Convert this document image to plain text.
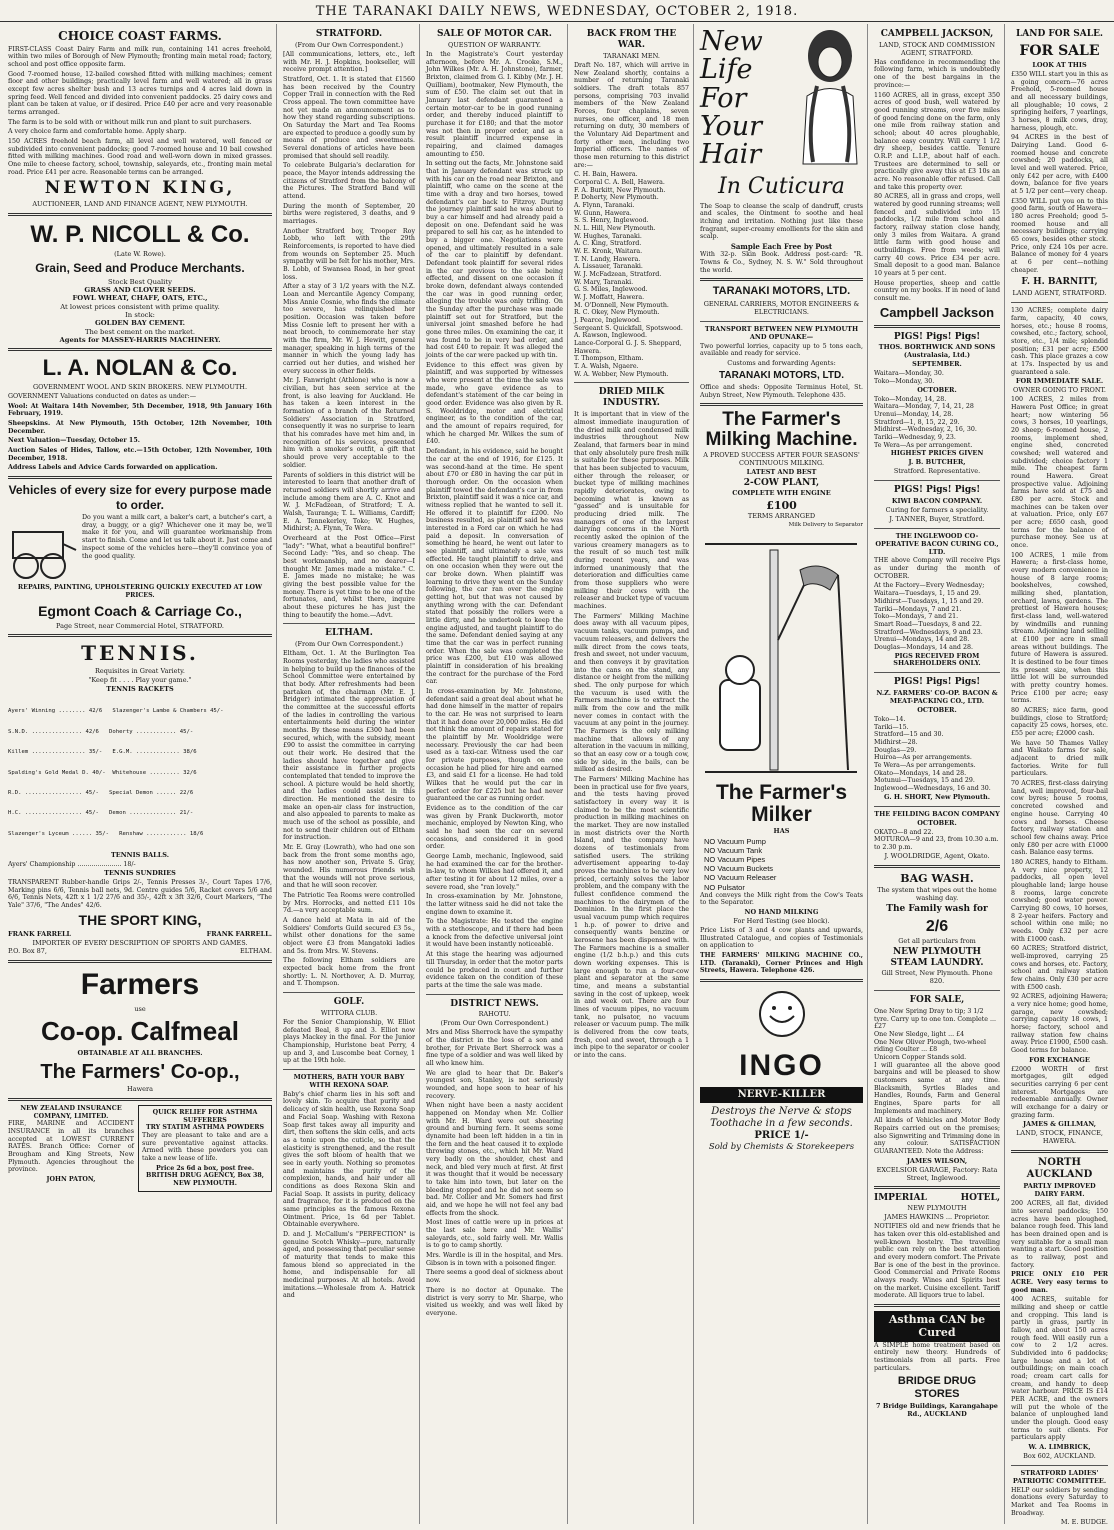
THE TARANAKI DAILY NEWS, WEDNESDAY, OCTOBER 2, 1918.
CHOICE COAST FARMS.

FIRST-CLASS Coast Dairy Farm and milk run, containing 141 acres freehold, within two miles of Borough of New Plymouth; fronting main metal road; factory, school and post office opposite farm.

Good 7-roomed house, 12-bailed cowshed fitted with milking machines; cement floor and other buildings; practically level farm and well watered; all in grass except few acres shelter bush and 13 acres turnips and 4 acres laid down in spring feed. Well fenced and divided into convenient paddocks. 25 dairy cows and plant can be taken at value, or if desired. Price £40 per acre and very reasonable terms arranged.

The farm is to be sold with or without milk run and plant to suit purchasers.

A very choice farm and comfortable home. Apply sharp.

150 ACRES freehold beach farm, all level and well watered, well fenced or subdivided into convenient paddocks; good 7-roomed house and 10 bail cowshed fitted with milking machines. Good road and well-worn down in mixed grasses. One mile to cheese factory, school, township, saleyards, etc., fronting main metal road. Price £41 per acre. Reasonable terms can be arranged.

NEWTON KING,
AUCTIONEER, LAND AND FINANCE AGENT, NEW PLYMOUTH.
W. P. NICOLL & Co.
(Late W. Rowe).
Grain, Seed and Produce Merchants.
Stock Best Quality
GRASS AND CLOVER SEEDS.
FOWL WHEAT, CHAFF, OATS, ETC.,
At lowest prices consistent with prime quality.
In stock:
GOLDEN BAY CEMENT.
The best cement on the market.
Agents for MASSEY-HARRIS MACHINERY.
L. A. NOLAN & Co.
GOVERNMENT WOOL AND SKIN BROKERS. NEW PLYMOUTH.

GOVERNMENT Valuations conducted on dates as under:—

Wool: At Waitara 14th November, 5th December, 1918, 9th January 16th February, 1919.

Sheepskins. At New Plymouth, 15th October, 12th November, 10th December.

Next Valuation—Tuesday, October 15.

Auction Sales of Hides, Tallow, etc.—15th October, 12th November, 10th December, 1918.

Address Labels and Advice Cards forwarded on application.

Vehicles of every size for every purpose made to order.

Do you want a milk cart, a baker's cart, a butcher's cart, a dray, a buggy, or a gig? Whichever one it may be, we'll make it for you, and will guarantee workmanship from start to finish. Come and let us talk about it. Just come and inspect some of the vehicles here—they'll convince you of the good quality.

REPAIRS, PAINTING, UPHOLSTERING QUICKLY EXECUTED AT LOW PRICES.
Egmont Coach & Carriage Co.,
Page Street, near Commercial Hotel, STRATFORD.
TENNIS.
Requisites in Great Variety.
"Keep fit . . . . Play your game."
TENNIS RACKETS

Ayers' Winning ........ 42/6   Slazenger's Lambe & Chambers 45/-

S.N.D. ............... 42/6   Doherty ............ 45/-

Killem ................ 35/-   E.G.M. ............. 38/6

Spalding's Gold Medal D. 40/-  Whitehouse ......... 32/6

R.D. ................. 45/-   Special Demon ...... 22/6

H.C. ................. 45/-   Demon .............. 21/-

Slazenger's Lyceum ...... 35/-   Renshaw ............ 18/6

TENNIS BALLS.
Ayers' Championship ...................... 18/-
TENNIS SUNDRIES

TRANSPARENT Rubber-handle Grips 2/-, Tennis Presses 3/-, Court Tapes 17/6, Marking pins 6/6, Tennis ball nets, 9d. Centre guides 5/6, Racket covers 5/6 and 6/6, Tennis Nets, 42ft x 1 1/2 27/6 and 35/-, 42ft x 3ft 32/6, Court Markers, "The Yale" 37/6, "The Andes" 42/6.

THE SPORT KING,
FRANK FARRELL	FRANK FARRELL.
IMPORTER OF EVERY DESCRIPTION OF SPORTS AND GAMES.
P.O. Box 87,	ELTHAM.
Farmers
use
Co-op. Calfmeal
OBTAINABLE AT ALL BRANCHES.
The Farmers' Co-op.,
Hawera
NEW ZEALAND INSURANCE COMPANY, LIMITED.

FIRE, MARINE and ACCIDENT INSURANCE in all its branches accepted at LOWEST CURRENT RATES. Branch Office: Corner of Brougham and King Streets, New Plymouth. Agencies throughout the province.

JOHN PATON,
QUICK RELIEF FOR ASTHMA SUFFERERS
TRY STATIM ASTHMA POWDERS

They are pleasant to take and are a sure preventative against attacks. Armed with these powders you can take a new lease of life.

Price 2s 6d a box, post free.
BRITISH DRUG AGENCY, Box 38, NEW PLYMOUTH.
STRATFORD.
(From Our Own Correspondent.)

[All communications, letters, etc., left with Mr. H. J. Hopkins, bookseller, will receive prompt attention.]

Stratford, Oct. 1. It is stated that £1560 has been received by the Country Copper Trail in connection with the Red Cross appeal. The town committee have not yet made an announcement as to how they stand regarding subscriptions. On Saturday the Mart and Tea Rooms are expected to produce a goodly sum by means of produce and sweetmeats. Several donations of articles have been promised that should sell readily.

To celebrate Bulgaria's declaration for peace, the Mayor intends addressing the citizens of Stratford from the balcony of the Pictures. The Stratford Band will attend.

During the month of September, 20 births were registered, 3 deaths, and 9 marriages.

Another Stratford boy, Trooper Roy Lobb, who left with the 29th Reinforcements, is reported to have died from wounds on September 25. Much sympathy will be felt for his mother, Mrs. B. Lobb, of Swansea Road, in her great loss.

After a stay of 3 1/2 years with the N.Z. Loan and Mercantile Agency Company, Miss Annie Cosnie, who finds the climate too severe, has relinquished her position. Occasion was taken before Miss Cosnie left to present her with a neat brooch, to commemorate her stay with the firm, Mr. W. J. Hewitt, general manager, speaking in high terms of the manner in which the young lady has carried out her duties, and wished her every success in other fields.

Mr. J. Fanwright (Athlone) who is now a civilian, but has seen service at the front, is also leaving for Auckland. He has taken a keen interest in the formation of a branch of the Returned Soldiers' Association in Stratford, consequently it was no surprise to learn that his comrades have met him and, in recognition of his services, presented him with a smoker's outfit, a gift that should prove very acceptable to the soldier.

Parents of soldiers in this district will be interested to learn that another draft of returned soldiers will shortly arrive and include among them are A. C. Knot and W. J. McFadzean, of Stratford; T. A. Walsh, Tauranga; T. L. Williams, Cardiff; E. A. Tennekerley, Toko; W. Hughes, Midhirst; A. Flynn, Te Wera.

Overheard at the Post Office—First "lady": "What, what a beautiful bonfire!" Second Lady: "Yes, and so cheap. The best workmanship, and no dearer—I thought Mr. James made a mistake." C. E. James made no mistake; he was giving the best possible value for the money. There is yet time to be one of the fortunates, and, whilst there, inquire about these pictures he has just the thing to beautify the home.—Advt.

ELTHAM.
(From Our Own Correspondent.)

Eltham, Oct. 1. At the Burlington Tea Rooms yesterday, the ladies who assisted in helping to build up the finances of the School Committee were entertained by that body. After refreshments had been partaken of, the chairman (Mr. E. J. Bridger) intimated the appreciation of the committee at the successful efforts of the ladies in controlling the various entertainments held during the winter months. By these means £300 had been secured, which, with the subsidy, meant £90 to assist the committee in carrying out their work. He desired that the ladies should have together and give their assistance in further projects contemplated that tended to improve the school. A picture would be held shortly, and the ladies could assist in this direction. He mentioned the desire to make an open-air class for instruction, and also appealed to parents to make as much use of the school as possible, and not to send their children out of Eltham for instruction.

Mr. E. Gray (Lowrath), who had one son back from the front some months ago, has now another son, Private S. Gray, wounded. His numerous friends wish that the wounds will not prove serious, and that he will soon recover.

The Patriotic Tea Rooms were controlled by Mrs. Horrocks, and netted £11 10s 7d.—a very acceptable sum.

A dance held at Mata in aid of the Soldiers' Comforts Guild secured £3 5s., whilst other donations for the same object were £3 from Mangatoki ladies and 5s. from Mrs. W. Stevens.

The following Eltham soldiers are expected back home from the front shortly: L. N. Northover, A. D. Murray, and T. Thompson.

GOLF.
WITTORA CLUB.

For the Senior Championship, W. Elliot defeated Beal, 8 up and 3. Elliot now plays Mackey in the final. For the Junior Championship, Hurlstone beat Perry, 4 up and 3, and Luscombe beat Corney, 1 up at the 19th hole.

MOTHERS, BATH YOUR BABY WITH REXONA SOAP.

Baby's chief charm lies in his soft and lovely skin. To acquire that purity and delicacy of skin health, use Rexona Soap and Facial Soap. Washing with Rexona Soap first takes away all impurity and dirt, then softens the skin cells, and acts as a tonic upon the cuticle, so that the elasticity is strengthened, and the result gives the soft bloom of health that we see in early youth. Nothing so promotes and maintains the purity of the complexion, hands, and hair under all conditions as does Rexona Skin and Facial Soap. It assists in purity, delicacy and fragrance, for it is produced on the same principles as the famous Rexona Ointment. Price, 1s 6d per Tablet. Obtainable everywhere.

D. and J. McCallum's "PERFECTION" is genuine Scotch Whisky—pure, naturally aged, and possessing that peculiar sense of maturity that tends to make this famous blend so appreciated in the home, and indispensable for all medicinal purposes. At all hotels. Avoid imitations.—Wholesale from A. Hatrick and

SALE OF MOTOR CAR.
QUESTION OF WARRANTY.

In the Magistrate's Court yesterday afternoon, before Mr. A. Crooke, S.M., John Wilkes (Mr. A. H. Johnstone), farmer, Brixton, claimed from G. I. Kibby (Mr. J. H. Quilliam), bootmaker, New Plymouth, the sum of £50. The claim set out that in January last defendant guaranteed a certain motor-car to be in good running order, and thereby induced plaintiff to purchase it for £180; and that the motor was not then in proper order, and as a result plaintiff incurred expense in repairing, and claimed damages amounting to £50.

In setting out the facts, Mr. Johnstone said that in January defendant was struck up with his car on the road near Brixton, and plaintiff, who came on the scene at the time with a dray and two horses, towed defendant's car back to Fitzroy. During the journey plaintiff said he was about to buy a car himself and had already paid a deposit on one. Defendant said he was prepared to sell his car, as he intended to buy a bigger one. Negotiations were opened, and ultimately resulted in a sale of the car to plaintiff by defendant. Defendant took plaintiff for several rides in the car previous to the sale being effected, and dissent on one occasion it broke down, defendant always contended the car was in good running order, alleging the trouble was only trifling. On the Sunday after the purchase was made plaintiff set out for Stratford, but the universal joint smashed before he had gone three miles. On examining the car, it was found to be in very bad order, and had cost £40 to repair. It was alleged the joints of the car were packed up with tin.

Evidence to this effect was given by plaintiff, and was supported by witnesses who were present at the time the sale was made, who gave evidence as to defendant's statement of the car being in good order. Evidence was also given by R. S. Wooldridge, motor and electrical engineer, as to the condition of the car, and the amount of repairs required, for which he charged Mr. Wilkes the sum of £40.

Defendant, in his evidence, said he bought the car at the end of 1916, for £125. It was second-hand at the time. He spent about £70 or £80 in having the car put in thorough order. On the occasion when plaintiff towed the defendant's car in from Brixton, plaintiff said it was a nice car, and witness replied that he wanted to sell it. He offered it to plaintiff for £200. No business resulted, as plaintiff said he was interested in a Ford car on which he had paid a deposit. In conversation of something he heard, he went out later to see plaintiff, and ultimately a sale was effected. He taught plaintiff to drive, and on one occasion when they were out the car broke down. When plaintiff was learning to drive they went on the Sunday following, the car ran over the engine getting hot, but that was not caused by anything wrong with the car. Defendant stated that possibly the rollers were a little dirty, and he undertook to keep the engine adjusted, and taught plaintiff to do the same. Defendant denied saying at any time that the car was in perfect running order. When the sale was completed the price was £200, but £10 was allowed plaintiff in consideration of his breaking the contract for the purchase of the Ford car.

In cross-examination by Mr. Johnstone, defendant said a great deal about what he had done himself in the matter of repairs to the car. He was not surprised to learn that it had done over 20,000 miles. He did not think the amount of repairs stated for the plaintiff by Mr. Wooldridge were necessary. Previously the car had been used as a taxi-car. Witness used the car for private purposes, though on one occasion he had plied for hire and earned £3, and said £1 for a license. He had told Wilkes that he would put the car in perfect order for £225 but he had never guaranteed the car as running order.

Evidence as to the condition of the car was given by Frank Duckworth, motor mechanic, employed by Newton King, who said he had seen the car on several occasions, and considered it in good order.

George Lamb, mechanic, Inglewood, said he had examined the car for the brother-in-law, to whom Wilkes had offered it, and after testing it for about 12 miles, over a severe road, she "ran lovely."

In cross-examination by Mr. Johnstone, the latter witness said he did not take the engine down to examine it.

To the Magistrate: He tested the engine with a stethoscope, and if there had been a knock from the defective universal joint it would have been instantly noticeable.

At this stage the hearing was adjourned till Thursday, in order that the motor parts could be produced in court and further evidence taken on the condition of these parts at the time the sale was made.

DISTRICT NEWS.
RAHOTU.
(From Our Own Correspondent.)

Mrs and Miss Sherrock have the sympathy of the district in the loss of a son and brother, for Private Bert Sherrock was a fine type of a soldier and was well liked by all who knew him.

We are glad to hear that Dr. Baker's youngest son, Stanley, is not seriously wounded, and hope soon to hear of his recovery.

When night have been a nasty accident happened on Monday when Mr. Collier with Mr. H. Ward were out shearing ground and burning fern. It seems some dynamite had been left hidden in a tin in the fern and the heat caused it to explode throwing stones, etc., which hit Mr. Ward very badly on the shoulder, chest and neck, and bled very much at first. At first it was thought that it would be necessary to take him into town, but later on the bleeding stopped and he did not seem so bad. Mr. Collier and Mr. Somers had first aid, and we hope he will not feel any bad effects from the shock.

Most lines of cattle were up in prices at the last sale here and Mr. Wallis' saleyards, etc., sold fairly well. Mr. Wallis is to go to camp shortly.

Mrs. Wardle is ill in the hospital, and Mrs. Gibson is in town with a poisoned finger.

There seems a good deal of sickness about now.

There is no doctor at Opunake. The district is very sorry to Mr. Sharpe, who visited us weekly, and was well liked by everyone.

BACK FROM THE WAR.
TARANAKI MEN.

Draft No. 187, which will arrive in New Zealand shortly, contains a number of returning Taranaki soldiers. The draft totals 857 persons, comprising 703 invalid members of the New Zealand Forces, four chaplains, seven nurses, one officer, and 18 men returning on duty, 30 members of the Voluntary Aid Department and forty other men, including two Imperial officers. The names of those men returning to this district are:—

C. H. Bain, Hawera.
Corporal C. A. Bell, Hawera.
F. A. Burkitt, New Plymouth.
P. Doherty, New Plymouth.
A. Flynn, Taranaki.
W. Gunn, Hawera.
S. S. Henry, Inglewood.
N. L. Hill, New Plymouth.
W. Hughes, Taranaki.
A. C. King, Stratford.
W. E. Kronk, Waitara.
T. N. Landy, Hawera.
A. Lissauer, Taranaki.
W. J. McFadzean, Stratford.
W. Mary, Taranaki.
G. S. Miles, Inglewood.
W. J. Moffatt, Hawera.
M. O'Donnell, New Plymouth.
R. C. Okey, New Plymouth.
J. Pearce, Inglewood.
Sergeant S. Quickfall, Spotswood.
A. Rawson, Inglewood.
Lance-Corporal G. J. S. Sheppard, Hawera.
T. Thompson, Eltham.
T. A. Walsh, Ngaere.
W. A. Webber, New Plymouth.
DRIED MILK INDUSTRY.

It is important that in view of the almost immediate inauguration of the dried milk and condensed milk industries throughout New Zealand, that farmers bear in mind that only absolutely pure fresh milk is suitable for these purposes. Milk that has been subjected to vacuum, either through the releaser, or bucket type of milking machines rapidly deteriorates, owing to becoming what is known as "gassed" and is unsuitable for producing dried milk. The managers of one of the largest dairying concerns in the North recently asked the opinion of the various creamery managers as to the result of so much test milk during recent years, and was informed unanimously that the deterioration and difficulties came from those suppliers who were milking their cows with the releaser and bucket type of vacuum machines.

The Farmers' Milking Machine does away with all vacuum pipes, vacuum tanks, vacuum pumps, and vacuum releasers, and delivers the milk direct from the cows teats, fresh and sweet, not under vacuum, and then conveys it by gravitation into the cans on the stand, any distance or height from the milking shed. The only purpose for which the vacuum is used with the Farmers machine is to extract the milk from the cow and the milk never comes in contact with the vacuum at any point in the journey. The Farmers is the only milking machine that allows of any alteration in the vacuum in milking, so that an easy cow or a tough cow, side by side, in the bails, can be milked as desired.

The Farmers' Milking Machine has been in practical use for five years, and the tests having proved satisfactory in every way it is claimed to be the most scientific production in milking machines on the market. They are now installed in most districts over the North Island, and the company have dozens of testimonials from satisfied users. The striking advertisement appearing to-day proves the machines to be very low priced, certainly solves the labor problem, and the company with the fullest confidence commend the machines to the dairymen of the Dominion. In the first place the usual vacuum pump which requires 1 h.p. of power to drive and consequently wants benzine or kerosene has been dispensed with. The Farmers machine is a smaller engine (1/2 b.h.p.) and this cuts down working expenses. This is large enough to run a four-cow plant and separator at the same time, and means a substantial saving in the cost of upkeep, week in and week out. There are four lines of vacuum pipes, no vacuum tank, no pulsator, no vacuum releaser or vacuum pump. The milk is delivered from the cow teats, fresh, cool and sweet, through a 1 inch pipe to the separator or cooler or into the cans.

New Life For Your Hair
In Cuticura

The Soap to cleanse the scalp of dandruff, crusts and scales, the Ointment to soothe and heal itching and irritation. Nothing just like these fragrant, super-creamy emollients for the skin and scalp.

Sample Each Free by Post

With 32-p. Skin Book. Address post-card: "R. Towns & Co., Sydney, N. S. W." Sold throughout the world.

TARANAKI MOTORS, LTD.
GENERAL CARRIERS, MOTOR ENGINEERS & ELECTRICIANS.
TRANSPORT BETWEEN NEW PLYMOUTH AND OPUNAKE—

Two powerful lorries, capacity up to 5 tons each, available and ready for service.

Customs and forwarding Agents:
TARANAKI MOTORS, LTD.

Office and sheds: Opposite Terminus Hotel, St. Aubyn Street, New Plymouth. Telephone 435.

The Farmer's Milking Machine.
A PROVED SUCCESS AFTER FOUR SEASONS' CONTINUOUS MILKING.
LATEST AND BEST
2-COW PLANT,
COMPLETE WITH ENGINE
£100
TERMS ARRANGED
Milk Delivery to Separator
The Farmer's Milker
HAS
NO Vacuum Pump
NO Vacuum Tank
NO Vacuum Pipes
NO Vacuum Buckets
NO Vacuum Releaser
NO Pulsator

And conveys the Milk right from the Cow's Teats to the Separator.

NO HAND MILKING
For Herd Testing (see block).

Price Lists of 3 and 4 cow plants and upwards, Illustrated Catalogue, and copies of Testimonials on application to

THE FARMERS' MILKING MACHINE CO., LTD. (Taranaki), Corner Princes and High Streets, Hawera. Telephone 426.

INGO
NERVE-KILLER
Destroys the Nerve & stops Toothache in a few seconds.
PRICE 1/-
Sold by Chemists & Storekeepers
CAMPBELL JACKSON,
LAND, STOCK AND COMMISSION AGENT, STRATFORD.

Has confidence in recommending the following farm, which is undoubtedly one of the best bargains in the province:—

1160 ACRES, all in grass, except 350 acres of good bush, well watered by good running streams, over five miles of good fencing done on the farm, only one mile from railway station and school; about 40 acres ploughable, balance easy country. Will carry 1 1/2 dry sheep, besides cattle. Tenure O.R.P. and L.I.P., about half of each. Trustees are determined to sell or practically give away this at £3 10s an acre. No reasonable offer refused. Call and take this property over.

80 ACRES, all in grass and crops, well watered by good running streams; well fenced and subdivided into 15 paddocks, 1/2 mile from school and factory, railway station close handy, only 3 miles from Waitara. A grand little farm with good house and outbuildings. Free from weeds; will carry 40 cows. Price £34 per acre. Small deposit to a good man. Balance 10 years at 5 per cent.

House properties, sheep and cattle country on my books. If in need of land consult me.

Campbell Jackson
PIGS! Pigs! Pigs!
THOS. BORTHWICK AND SONS (Australasia, Ltd.)
SEPTEMBER.
Waitara—Monday, 30.
Toko—Monday, 30.
OCTOBER.
Toko—Monday, 14, 28.
Waitara—Monday, 7, 14, 21, 28
Urenui—Monday, 14, 28.
Stratford—1, 8, 15, 22, 29.
Midhirst—Wednesday, 2, 16, 30.
Tariki—Wednesday, 9, 23.
Te Wera—As per arrangement.
HIGHEST PRICES GIVEN
J. B. BUTCHER,
Stratford. Representative.
PIGS! Pigs! Pigs!
KIWI BACON COMPANY.
Curing for farmers a speciality.
J. TANNER, Buyer, Stratford.
THE INGLEWOOD CO-OPERATIVE BACON CURING CO., LTD.

THE above Company will receive Pigs as under during the month of OCTOBER.

At the Factory—Every Wednesday;
Waitara—Tuesdays, 1, 15 and 29.
Midhirst—Tuesdays, 1, 15 and 29.
Tariki—Mondays, 7 and 21.
Toko—Mondays, 7 and 21.
Smart Road—Tuesdays, 8 and 22.
Stratford—Wednesdays, 9 and 23.
Urenui—Mondays, 14 and 28.
Douglas—Mondays, 14 and 28.
PIGS RECEIVED FROM SHAREHOLDERS ONLY.
PIGS! Pigs! Pigs!
N.Z. FARMERS' CO-OP. BACON & MEAT-PACKING CO., LTD.
OCTOBER.
Toko—14.
Tariki—15.
Stratford—15 and 30.
Midhirst—28.
Douglas—29.
Huiroa—As per arrangements.
Te Wera—As per arrangements.
Okato—Mondays, 14 and 28.
Motunui—Tuesdays, 15 and 29.
Inglewood—Wednesdays, 16 and 30.
G. H. SHORT, New Plymouth.
THE FEILDING BACON COMPANY
OCTOBER.
OKATO—8 and 22.
MOTUROA—9 and 23, from 10.30 a.m. to 2.30 p.m.
J. WOOLDRIDGE, Agent, Okato.
BAG WASH.
The system that wipes out the home washing day.
The Family wash for
2/6
Get all particulars from
NEW PLYMOUTH STEAM LAUNDRY.
Gill Street, New Plymouth. Phone 820.
FOR SALE,
One New Spring Dray to tip; 3 1/2 tyre. Carry up to one ton. Complete ... £27
One New Sledge, light ... £4
One New Oliver Plough, two-wheel riding Coulter ... £8
Unicorn Copper Stands sold.

I will guarantee all the above good bargains and will be pleased to show customers same at any time. Blacksmith, Syrtles Blades and Handles, Rounds, Farm and General Engines, Spare parts for all Implements and machinery.

All kinds of Vehicles and Motor Body Repairs carried out on the premises; also Signwriting and Trimming done in any colour. SATISFACTION GUARANTEED. Note the Address:

JAMES WILSON,
EXCELSIOR GARAGE, Factory: Rata Street, Inglewood.
IMPERIAL	HOTEL,
NEW PLYMOUTH
JAMES HAWKINS ... Proprietor.

NOTIFIES old and new friends that he has taken over this old-established and well-known hostelry. The travelling public can rely on the best attention and every modern comfort. The Private Bar is one of the best in the province. Good Commercial and Private Rooms always ready. Wines and Spirits best on the market. Cuisine excellent. Tariff moderate. All liquors true to label.

Asthma CAN be Cured

A SIMPLE home treatment based on entirely new theory. Hundreds of testimonials from all parts. Free particulars.

BRIDGE DRUG STORES
7 Bridge Buildings, Karangahape Rd., AUCKLAND
LAND FOR SALE.
FOR SALE
LOOK AT THIS

£350 WILL start you in this as a going concern—76 acres Freehold, 5-roomed house and all necessary buildings, all ploughable; 10 cows, 2 springing heifers, 7 yearlings, 3 horses, 8 milk cows, dray, harness, plough, etc.

94 ACRES in the best of Dairying Land. Good 6-roomed house and concrete cowshed; 20 paddocks, all level and well watered. Price, only £42 per acre, with £400 down, balance for five years at 5 1/2 per cent—very cheap.

£350 WILL put you on to this good farm, south of Hawera—180 acres Freehold; good 5-roomed house and all necessary buildings; carrying 65 cows, besides other stock. Price, only £24 10s per acre. Balance of money for 4 years at 6 per cent—nothing cheaper.

F. H. BARNITT,
LAND AGENT, STRATFORD.

130 ACRES; complete dairy farm, capacity, 40 cows, horses, etc.; house 8 rooms, cowshed, etc.; factory, school, store, etc., 1/4 mile; splendid position; £31 per acre; £500 cash. This place grazes a cow at 17s. Inspected by us and guaranteed a sale.

FOR IMMEDIATE SALE.
OWNER GOING TO FRONT.

100 ACRES, 2 miles from Hawera Post Office; in great heart; now wintering 56 cows, 3 horses, 10 yearlings, 20 sheep; 6-roomed house, 2 rooms, implement shed, engine shed, concreted cowshed; well watered and subdivided; choice factory 1 mile. The cheapest farm round Hawera. Great prospective value. Adjoining farms have sold at £75 and £80 per acre. Stock and machines can be taken over at valuation. Price, only £67 per acre; £650 cash, good terms for the balance of purchase money. See us at once.

100 ACRES, 1 mile from Hawera; a first-class home, every modern convenience in house of 8 large rooms; bookshelves, cowshed, milking shed, plantation, orchard, lawns, gardens. The prettiest of Hawera houses; first-class land, well-watered by windmills and running stream. Adjoining land selling at £100 per acre in small areas without buildings. The future of Hawera is assured. It is destined to be four times its present size, when this little lot will be surrounded with pretty country homes. Price £100 per acre; easy terms.

80 ACRES; nice farm, good buildings, close to Stratford; capacity 25 cows, horses, etc. £55 per acre; £2000 cash.

We have 50 Thames Valley and Waikato farms for sale, adjacent to dried milk factories. Write for full particulars.

70 ACRES, first-class dairying land, well improved, four-bail cow byres; house 5 rooms, concreted cowshed and engine house. Carrying 40 cows and horses. Cheese factory, railway station and school few chains away. Price only £80 per acre with £1000 cash. Balance easy terms.

180 ACRES, handy to Eltham. A very nice property, 12 paddocks, all open level ploughable land; large house 8 rooms, large concrete cowshed; good water power. Carrying 80 cows, 10 horses, 8 2-year heifers. Factory and school within one mile; no weeds. Only £32 per acre with £1000 cash.

60 ACRES; Stratford district, well-improved, carrying 25 cows and horses, etc. Factory, school and railway station few chains. Only £30 per acre with £500 cash.

92 ACRES, adjoining Hawera; a very nice home; good home, garage, new cowshed; carrying capacity 18 cows, 1 horse; factory, school and railway station few chains away. Price £1900, £500 cash. Good terms for balance.

FOR EXCHANGE

£2000 WORTH of first mortgages, gilt edged securities carrying 6 per cent interest. Mortgages are redeemable annually. Owner will exchange for a dairy or grazing farm.

JAMES & GILLMAN,
LAND, STOCK, FINANCE, HAWERA.
NORTH AUCKLAND
PARTLY IMPROVED DAIRY FARM.

200 ACRES, all flat, divided into several paddocks; 150 acres have been ploughed, balance rough feed. This land has been drained open and is very suitable for a small man wanting a start. Good position as to railway, post and factory.

PRICE ONLY £10 PER ACRE. Very easy terms to good man.

400 ACRES, suitable for milking and sheep or cattle and cropping. This land is partly in grass, partly in fallow, and about 150 acres rough feed. Will easily run a cow to 2 1/2 acres. Subdivided into 6 paddocks; large house and a lot of outbuildings; on main coach road; cream cart calls for cream, and handy to deep water harbour. PRICE IS £14 PER ACRE, and the owners will put the whole of the balance of unploughed land under the plough. Good easy terms to suit clients. For particulars apply

W. A. LIMBRICK,
Box 602, AUCKLAND.
STRATFORD LADIES' PATRIOTIC COMMITTEE.

HELP our soldiers by sending donations every Saturday to Market and Tea Rooms in Broadway.

M. E. BUDGE.
